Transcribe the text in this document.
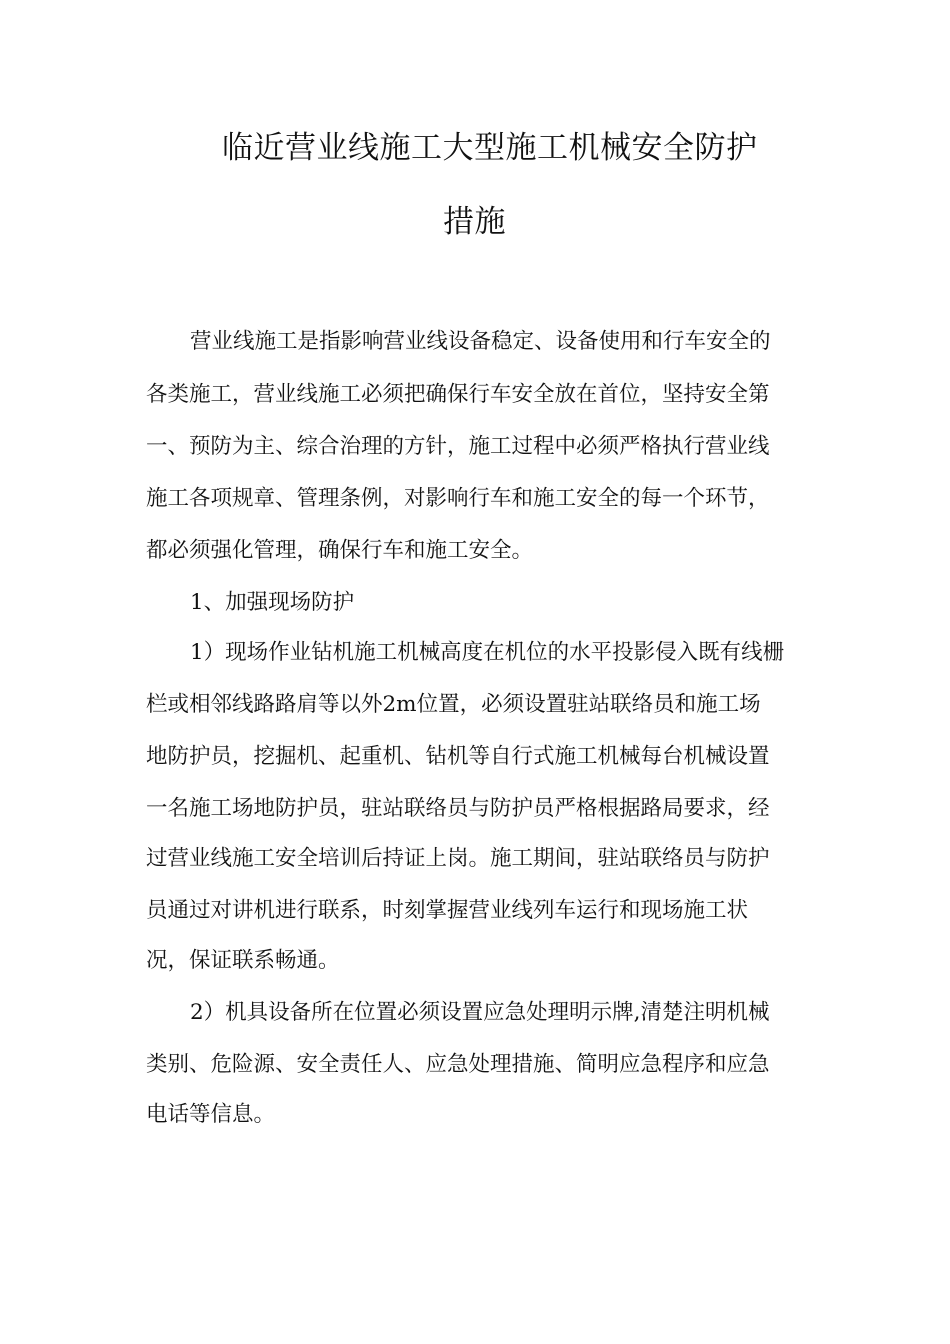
临近营业线施工大型施工机械安全防护
措施
营业线施工是指影响营业线设备稳定、设备使用和行车安全的
各类施工，营业线施工必须把确保行车安全放在首位，坚持安全第
一、预防为主、综合治理的方针，施工过程中必须严格执行营业线
施工各项规章、管理条例，对影响行车和施工安全的每一个环节，
都必须强化管理，确保行车和施工安全。
1、加强现场防护
1）现场作业钻机施工机械高度在机位的水平投影侵入既有线栅
栏或相邻线路路肩等以外2m位置，必须设置驻站联络员和施工场
地防护员，挖掘机、起重机、钻机等自行式施工机械每台机械设置
一名施工场地防护员，驻站联络员与防护员严格根据路局要求，经
过营业线施工安全培训后持证上岗。施工期间，驻站联络员与防护
员通过对讲机进行联系，时刻掌握营业线列车运行和现场施工状
况，保证联系畅通。
2）机具设备所在位置必须设置应急处理明示牌,清楚注明机械
类别、危险源、安全责任人、应急处理措施、简明应急程序和应急
电话等信息。
